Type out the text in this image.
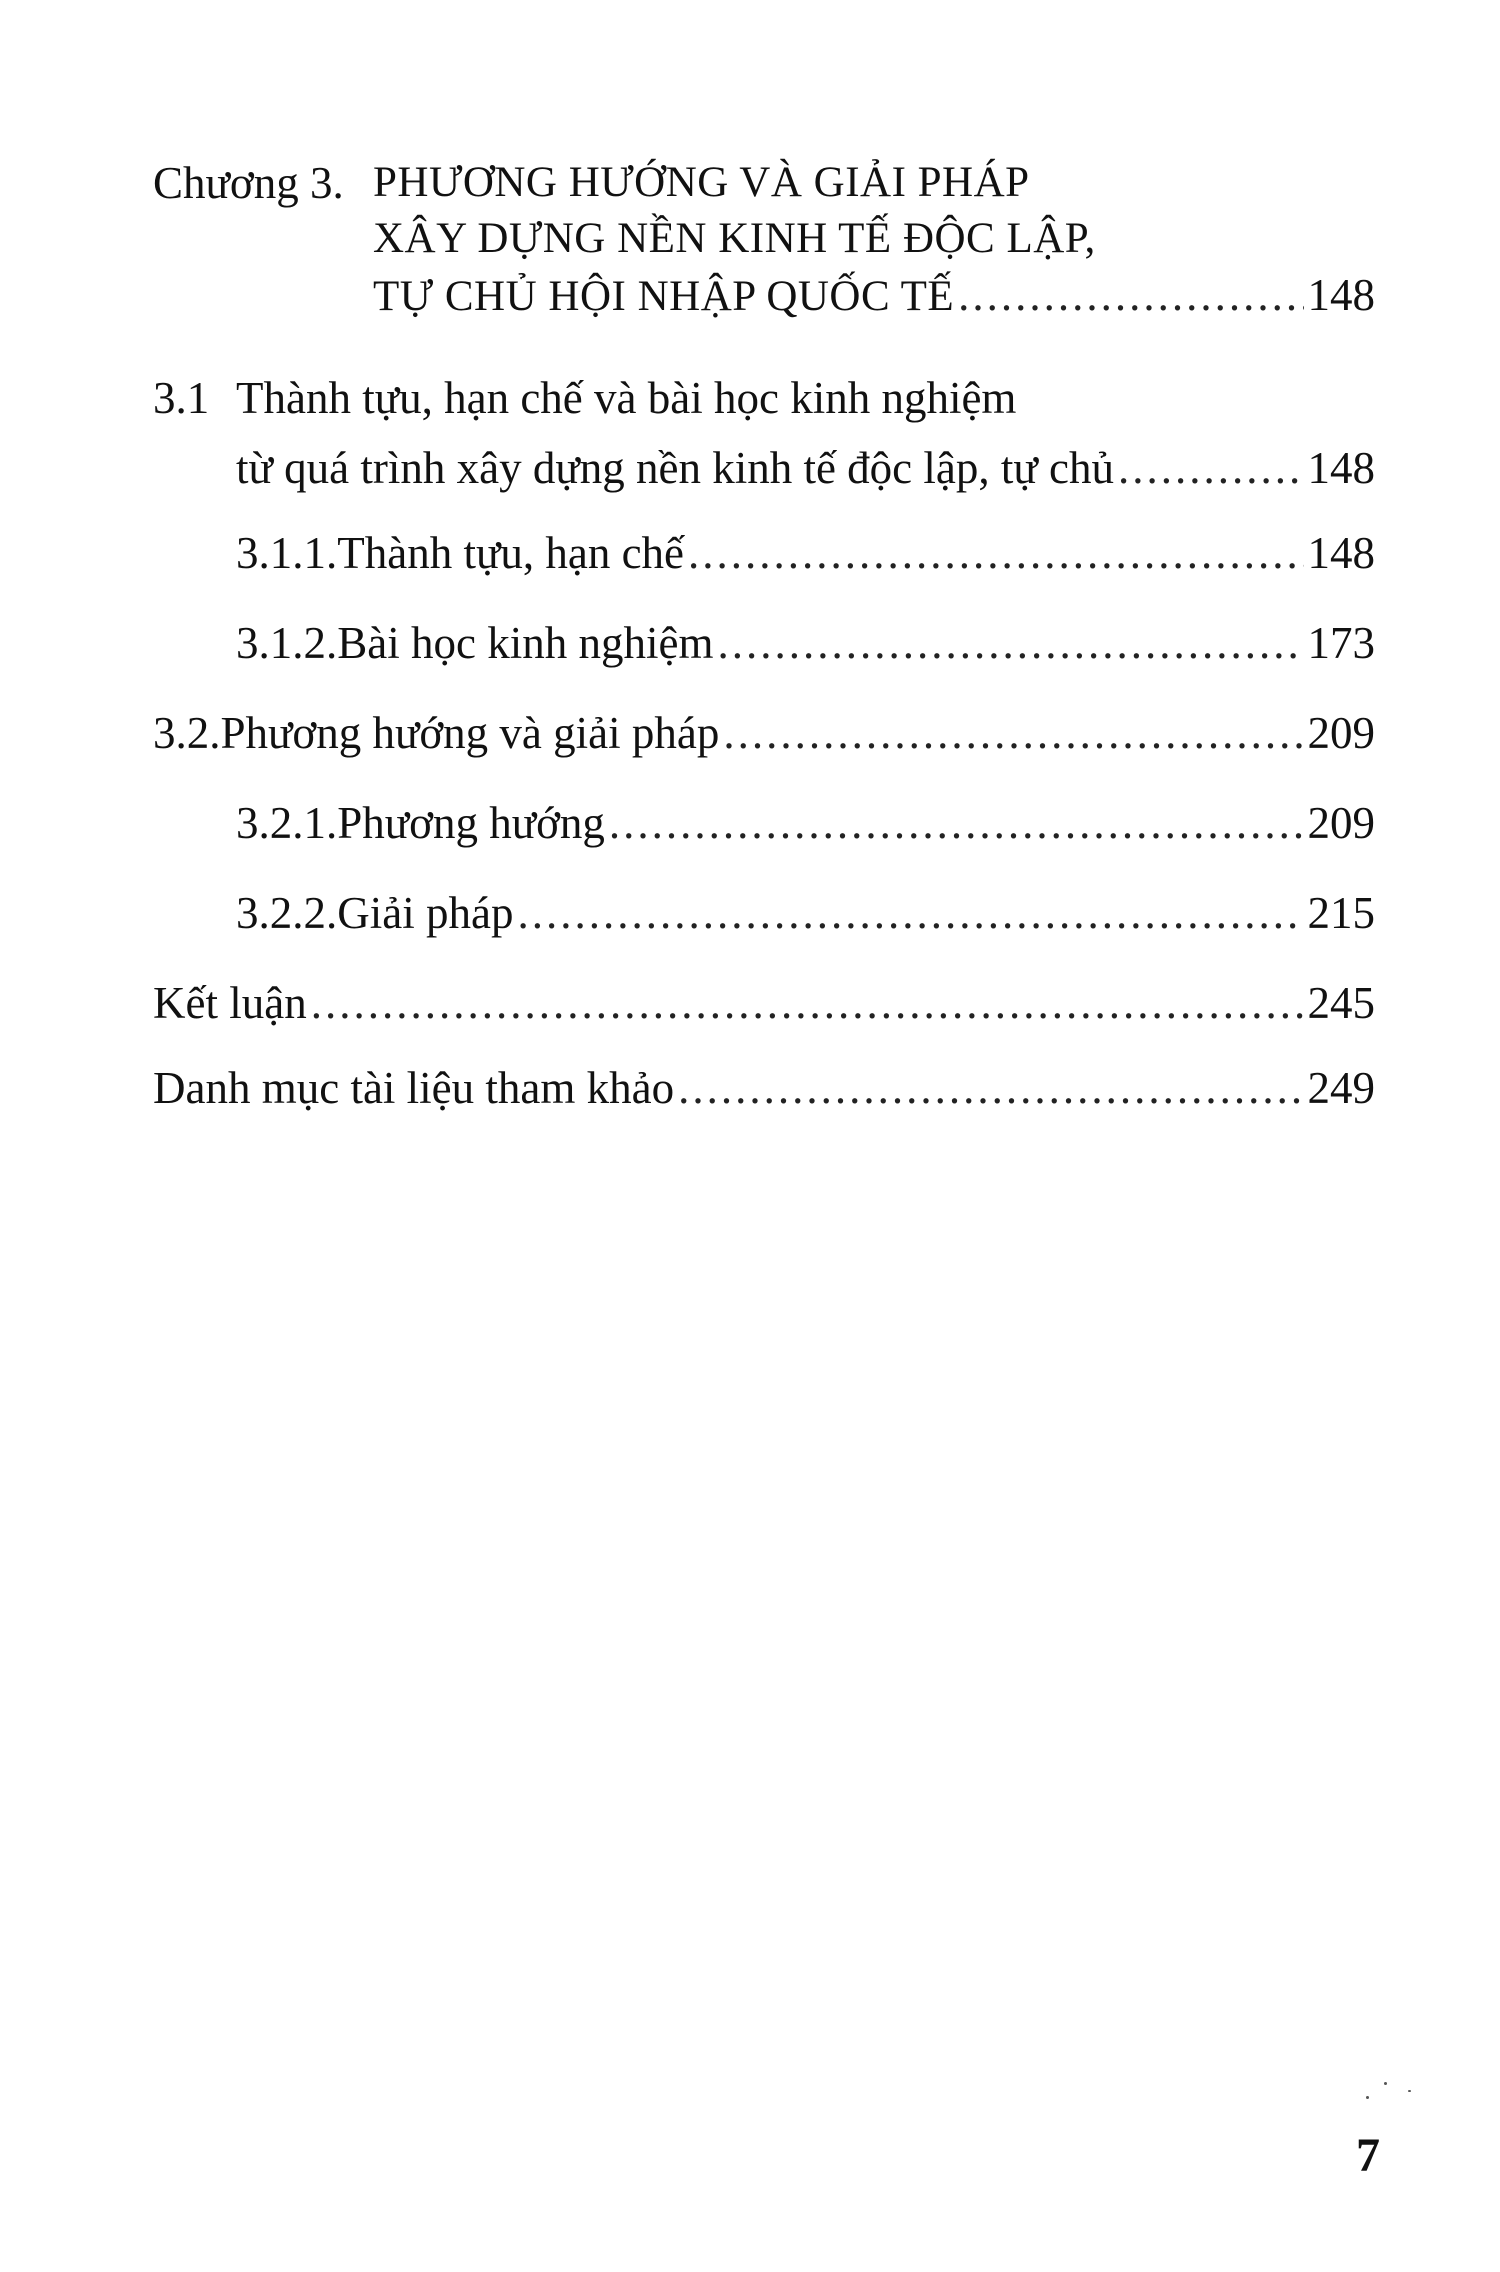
Chương 3. PHƯƠNG HƯỚNG VÀ GIẢI PHÁP
XÂY DỰNG NỀN KINH TẾ ĐỘC LẬP,
TỰ CHỦ HỘI NHẬP QUỐC TẾ .....	148
3.1 Thành tựu, hạn chế và bài học kinh nghiệm
từ quá trình xây dựng nền kinh tế độc lập, tự chủ .....	148
3.1.1. Thành tựu, hạn chế .....	148
3.1.2. Bài học kinh nghiệm .....	173
3.2. Phương hướng và giải pháp .....	209
3.2.1. Phương hướng .....	209
3.2.2. Giải pháp .....	215
Kết luận .....	245
Danh mục tài liệu tham khảo .....	249
7
